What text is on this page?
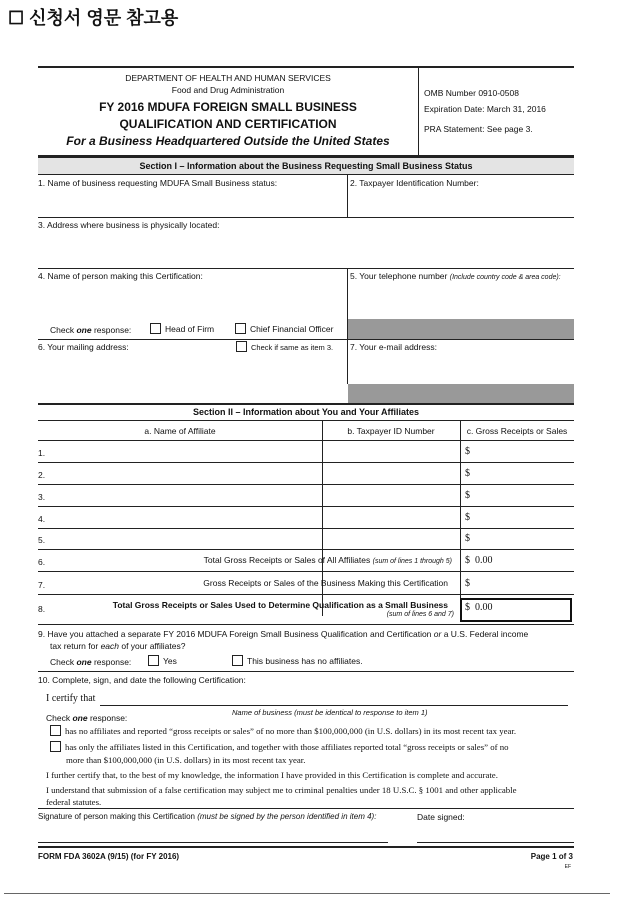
☐ 신청서 영문 참고용
DEPARTMENT OF HEALTH AND HUMAN SERVICES
Food and Drug Administration
FY 2016 MDUFA FOREIGN SMALL BUSINESS
QUALIFICATION AND CERTIFICATION
For a Business Headquartered Outside the United States
OMB Number 0910-0508
Expiration Date: March 31, 2016
PRA Statement: See page 3.
Section I – Information about the Business Requesting Small Business Status
1. Name of business requesting MDUFA Small Business status:	2. Taxpayer Identification Number:
3. Address where business is physically located:
4. Name of person making this Certification:	5. Your telephone number (Include country code & area code):
Check one response:	Head of Firm	Chief Financial Officer
6. Your mailing address:	Check if same as item 3. 7. Your e-mail address:
Section II – Information about You and Your Affiliates
a. Name of Affiliate	b. Taxpayer ID Number	c. Gross Receipts or Sales
1.	$
2.	$
3.	$
4.	$
5.	$
6.	Total Gross Receipts or Sales of All Affiliates (sum of lines 1 through 5) $ 0.00
7.	Gross Receipts or Sales of the Business Making this Certification $
8.	Total Gross Receipts or Sales Used to Determine Qualification as a Small Business
(sum of lines 6 and 7)
$ 0.00
9. Have you attached a separate FY 2016 MDUFA Foreign Small Business Qualification and Certification or a U.S. Federal income
tax return for each of your affiliates?
Check one response:	Yes	This business has no affiliates.
10. Complete, sign, and date the following Certification:
I certify that
Name of business (must be identical to response to item 1)
Check one response:
has no affiliates and reported “gross receipts or sales” of no more than $100,000,000 (in U.S. dollars) in its most recent tax year.
has only the affiliates listed in this Certification, and together with those affiliates reported total “gross receipts or sales” of no
more than $100,000,000 (in U.S. dollars) in its most recent tax year.
I further certify that, to the best of my knowledge, the information I have provided in this Certification is complete and accurate.
I understand that submission of a false certification may subject me to criminal penalties under 18 U.S.C. § 1001 and other applicable
federal statutes.
Signature of person making this Certification (must be signed by the person identified in item 4):	Date signed:
FORM FDA 3602A (9/15) (for FY 2016)	Page 1 of 3
EF
